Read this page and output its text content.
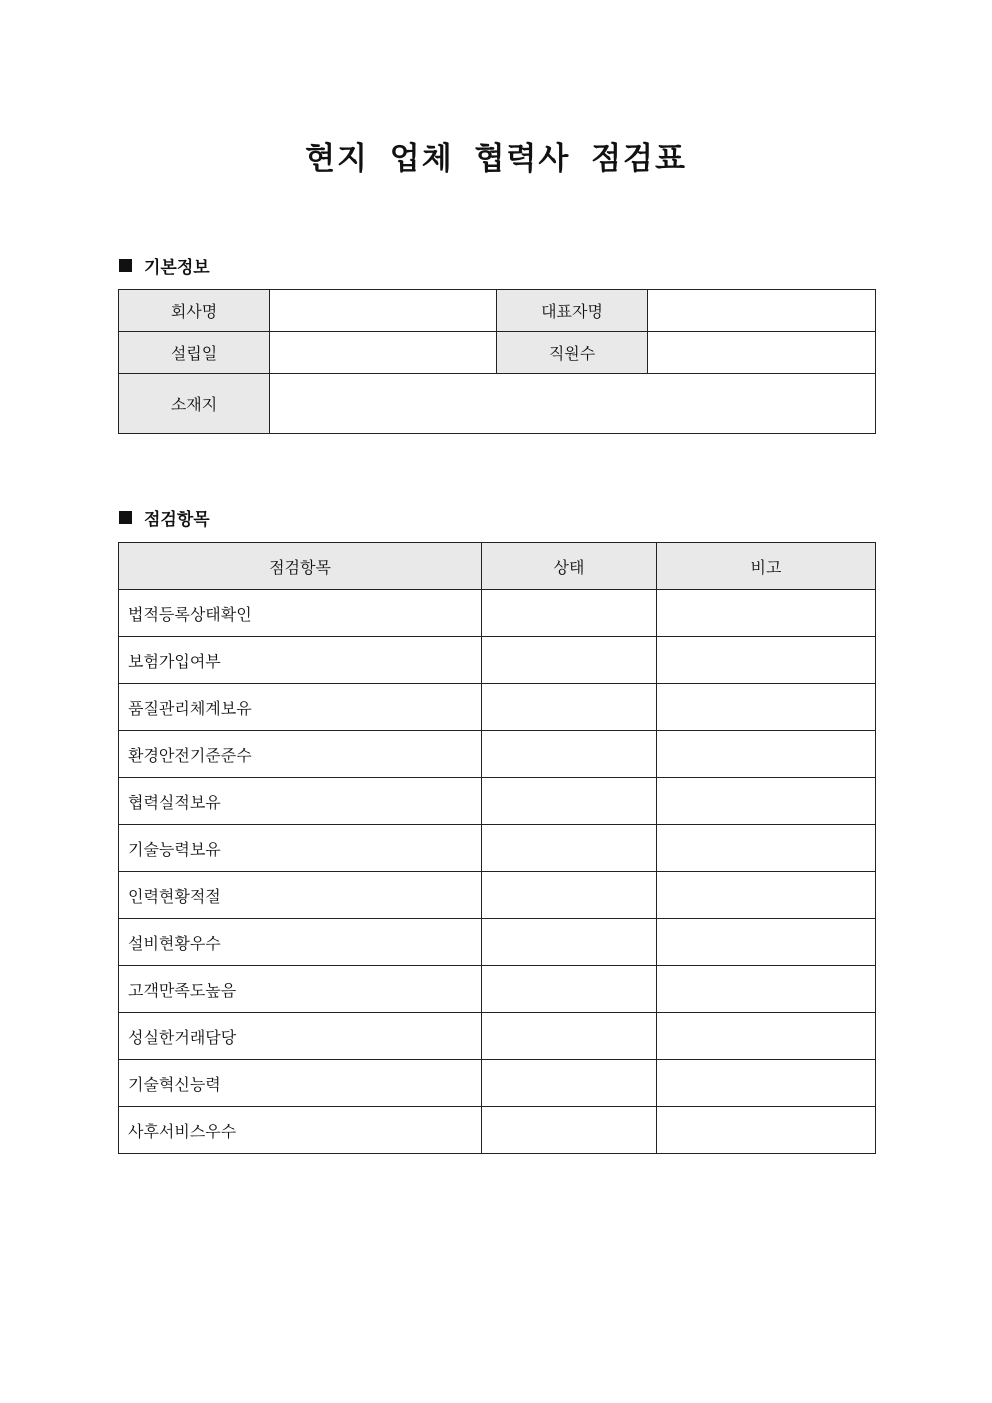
현지 업체 협력사 점검표
기본정보
회사명		대표자명	
설립일		직원수	
소재지			
점검항목
점검항목	상태	비고
법적등록상태확인		
보험가입여부		
품질관리체계보유		
환경안전기준준수		
협력실적보유		
기술능력보유		
인력현황적절		
설비현황우수		
고객만족도높음		
성실한거래담당		
기술혁신능력		
사후서비스우수		
